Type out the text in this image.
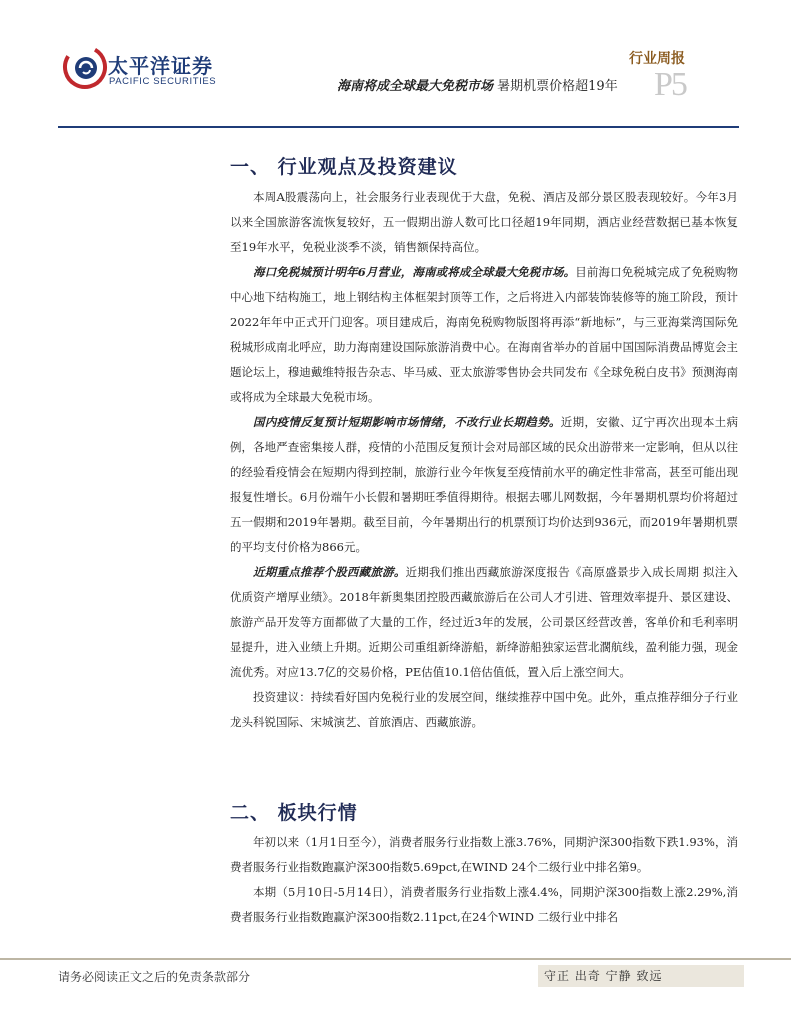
太平洋证券
PACIFIC SECURITIES
行业周报
海南将成全球最大免税市场 暑期机票价格超19年 P5
一、 行业观点及投资建议

本周A股震荡向上，社会服务行业表现优于大盘，免税、酒店及部分景区股表现较好。今年3月以来全国旅游客流恢复较好，五一假期出游人数可比口径超19年同期，酒店业经营数据已基本恢复至19年水平，免税业淡季不淡，销售额保持高位。

海口免税城预计明年6月营业，海南或将成全球最大免税市场。目前海口免税城完成了免税购物中心地下结构施工，地上钢结构主体框架封顶等工作，之后将进入内部装饰装修等的施工阶段，预计2022年年中正式开门迎客。项目建成后，海南免税购物版图将再添“新地标”，与三亚海棠湾国际免税城形成南北呼应，助力海南建设国际旅游消费中心。在海南省举办的首届中国国际消费品博览会主题论坛上，穆迪戴维特报告杂志、毕马威、亚太旅游零售协会共同发布《全球免税白皮书》预测海南或将成为全球最大免税市场。

国内疫情反复预计短期影响市场情绪，不改行业长期趋势。近期，安徽、辽宁再次出现本土病例，各地严查密集接人群，疫情的小范围反复预计会对局部区域的民众出游带来一定影响，但从以往的经验看疫情会在短期内得到控制，旅游行业今年恢复至疫情前水平的确定性非常高，甚至可能出现报复性增长。6月份端午小长假和暑期旺季值得期待。根据去哪儿网数据，今年暑期机票均价将超过五一假期和2019年暑期。截至目前，今年暑期出行的机票预订均价达到936元，而2019年暑期机票的平均支付价格为866元。

近期重点推荐个股西藏旅游。近期我们推出西藏旅游深度报告《高原盛景步入成长周期 拟注入优质资产增厚业绩》。2018年新奥集团控股西藏旅游后在公司人才引进、管理效率提升、景区建设、旅游产品开发等方面都做了大量的工作，经过近3年的发展，公司景区经营改善，客单价和毛利率明显提升，进入业绩上升期。近期公司重组新绛游船，新绛游船独家运营北濶航线，盈利能力强，现金流优秀。对应13.7亿的交易价格，PE估值10.1倍估值低，置入后上涨空间大。

投资建议：持续看好国内免税行业的发展空间，继续推荐中国中免。此外，重点推荐细分子行业龙头科锐国际、宋城演艺、首旅酒店、西藏旅游。

二、 板块行情

年初以来（1月1日至今），消费者服务行业指数上涨3.76%，同期沪深300指数下跌1.93%，消费者服务行业指数跑赢沪深300指数5.69pct,在WIND 24个二级行业中排名第9。

本期（5月10日-5月14日），消费者服务行业指数上涨4.4%，同期沪深300指数上涨2.29%,消费者服务行业指数跑赢沪深300指数2.11pct,在24个WIND 二级行业中排名

请务必阅读正文之后的免责条款部分	守正 出奇 宁静 致远
